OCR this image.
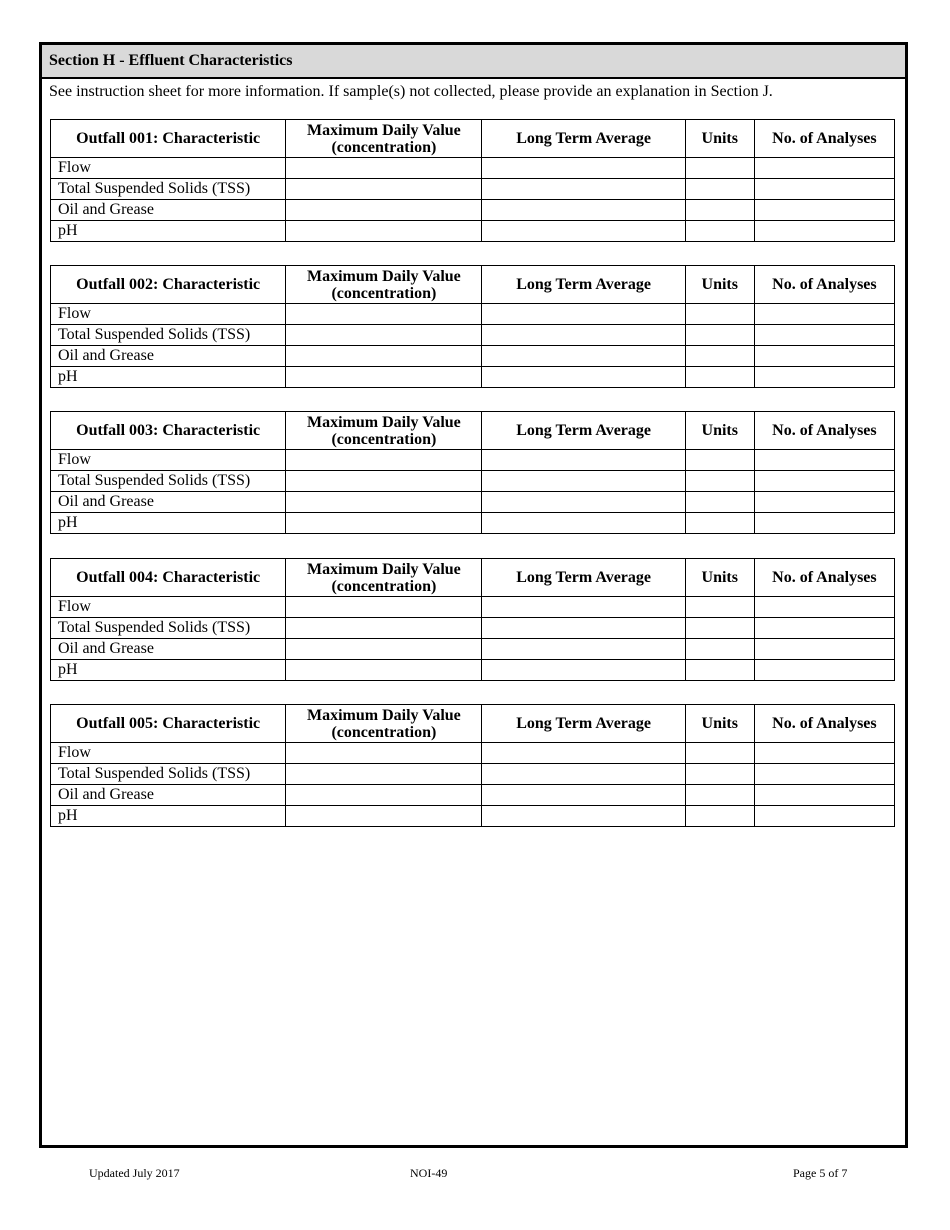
Section H - Effluent Characteristics
See instruction sheet for more information. If sample(s) not collected, please provide an explanation in Section J.
Outfall 001: Characteristic	Maximum Daily Value (concentration)	Long Term Average	Units	No. of Analyses
Flow				
Total Suspended Solids (TSS)				
Oil and Grease				
pH				
Outfall 002: Characteristic	Maximum Daily Value (concentration)	Long Term Average	Units	No. of Analyses
Flow				
Total Suspended Solids (TSS)				
Oil and Grease				
pH				
Outfall 003: Characteristic	Maximum Daily Value (concentration)	Long Term Average	Units	No. of Analyses
Flow				
Total Suspended Solids (TSS)				
Oil and Grease				
pH				
Outfall 004: Characteristic	Maximum Daily Value (concentration)	Long Term Average	Units	No. of Analyses
Flow				
Total Suspended Solids (TSS)				
Oil and Grease				
pH				
Outfall 005: Characteristic	Maximum Daily Value (concentration)	Long Term Average	Units	No. of Analyses
Flow				
Total Suspended Solids (TSS)				
Oil and Grease				
pH				
Updated July 2017	NOI-49	Page 5 of 7
